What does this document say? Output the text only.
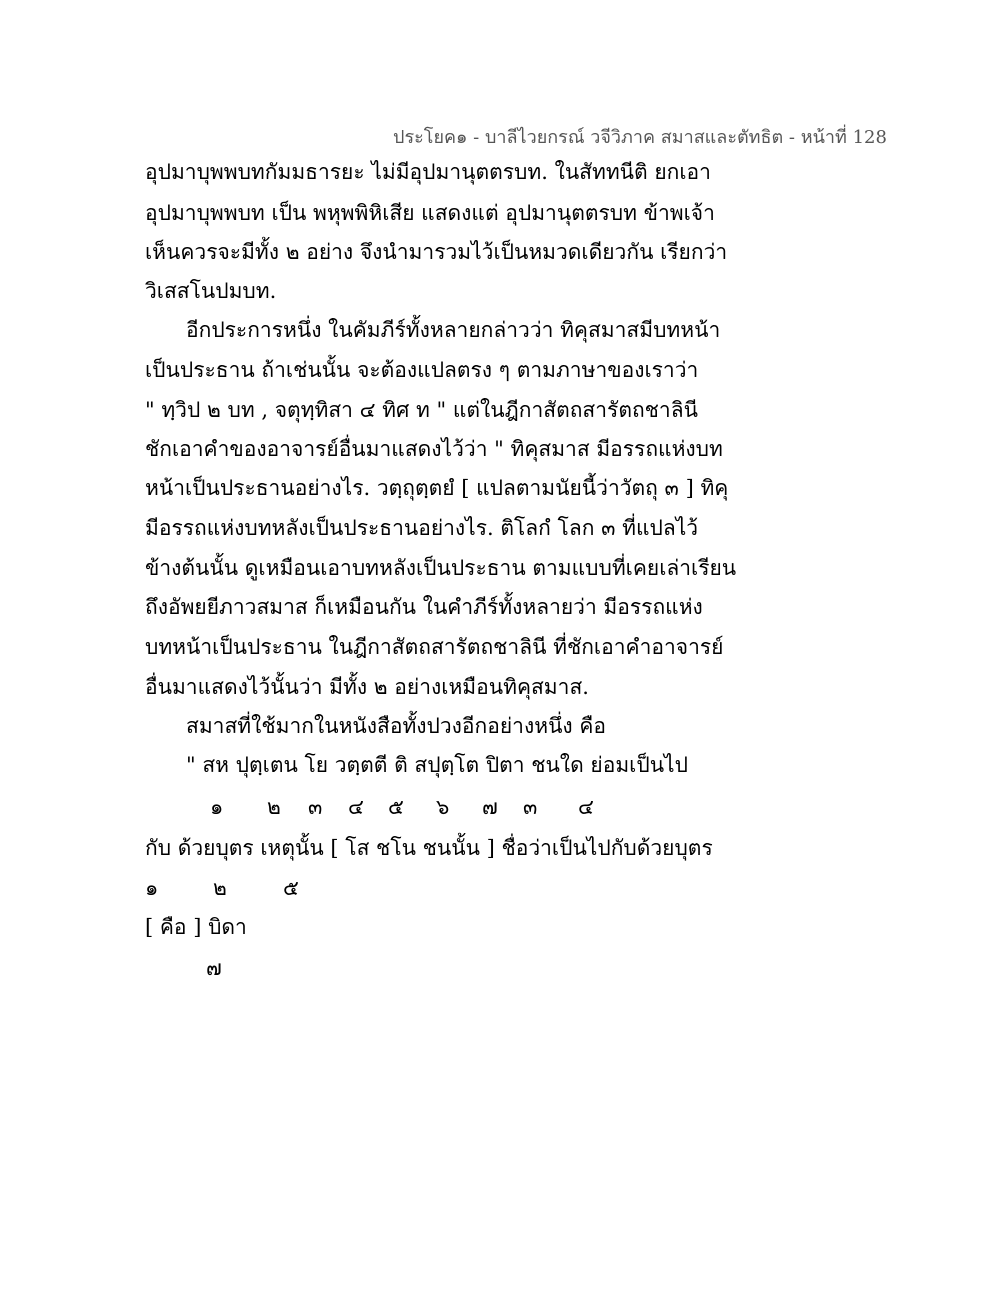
ประโยค๑ - บาลีไวยกรณ์ วจีวิภาค สมาสและตัทธิต - หน้าที่ 128
อุปมาบุพพบทกัมมธารยะ ไม่มีอุปมานุตตรบท. ในสัททนีติ ยกเอา
อุปมาบุพพบท เป็น พหุพพิหิเสีย แสดงแต่ อุปมานุตตรบท ข้าพเจ้า
เห็นควรจะมีทั้ง ๒ อย่าง จึงนำมารวมไว้เป็นหมวดเดียวกัน เรียกว่า
วิเสสโนปมบท.
อีกประการหนึ่ง ในคัมภีร์ทั้งหลายกล่าวว่า ทิคุสมาสมีบทหน้า
เป็นประธาน ถ้าเช่นนั้น จะต้องแปลตรง ๆ ตามภาษาของเราว่า
" ทฺวิป ๒ บท , จตุทฺทิสา ๔ ทิศ ท " แต่ในฎีกาสัตถสารัตถชาลินี
ชักเอาคำของอาจารย์อื่นมาแสดงไว้ว่า " ทิคุสมาส มีอรรถแห่งบท
หน้าเป็นประธานอย่างไร. วตฺถุตฺตยํ [ แปลตามนัยนี้ว่าวัตถุ ๓ ] ทิคุ
มีอรรถแห่งบทหลังเป็นประธานอย่างไร. ติโลกํ โลก ๓ ที่แปลไว้
ข้างต้นนั้น ดูเหมือนเอาบทหลังเป็นประธาน ตามแบบที่เคยเล่าเรียน
ถึงอัพยยีภาวสมาส ก็เหมือนกัน ในคำภีร์ทั้งหลายว่า มีอรรถแห่ง
บทหน้าเป็นประธาน ในฎีกาสัตถสารัตถชาลินี ที่ชักเอาคำอาจารย์
อื่นมาแสดงไว้นั้นว่า มีทั้ง ๒ อย่างเหมือนทิคุสมาส.
สมาสที่ใช้มากในหนังสือทั้งปวงอีกอย่างหนึ่ง คือ
" สห ปุตฺเตน โย วตฺตตี ติ สปุตฺโต ปิตา ชนใด ย่อมเป็นไป
๑ ๒ ๓ ๔ ๕ ๖ ๗ ๓ ๔
กับ ด้วยบุตร เหตุนั้น [ โส ชโน ชนนั้น ] ชื่อว่าเป็นไปกับด้วยบุตร
๑	๒	๕
[ คือ ] บิดา
๗
